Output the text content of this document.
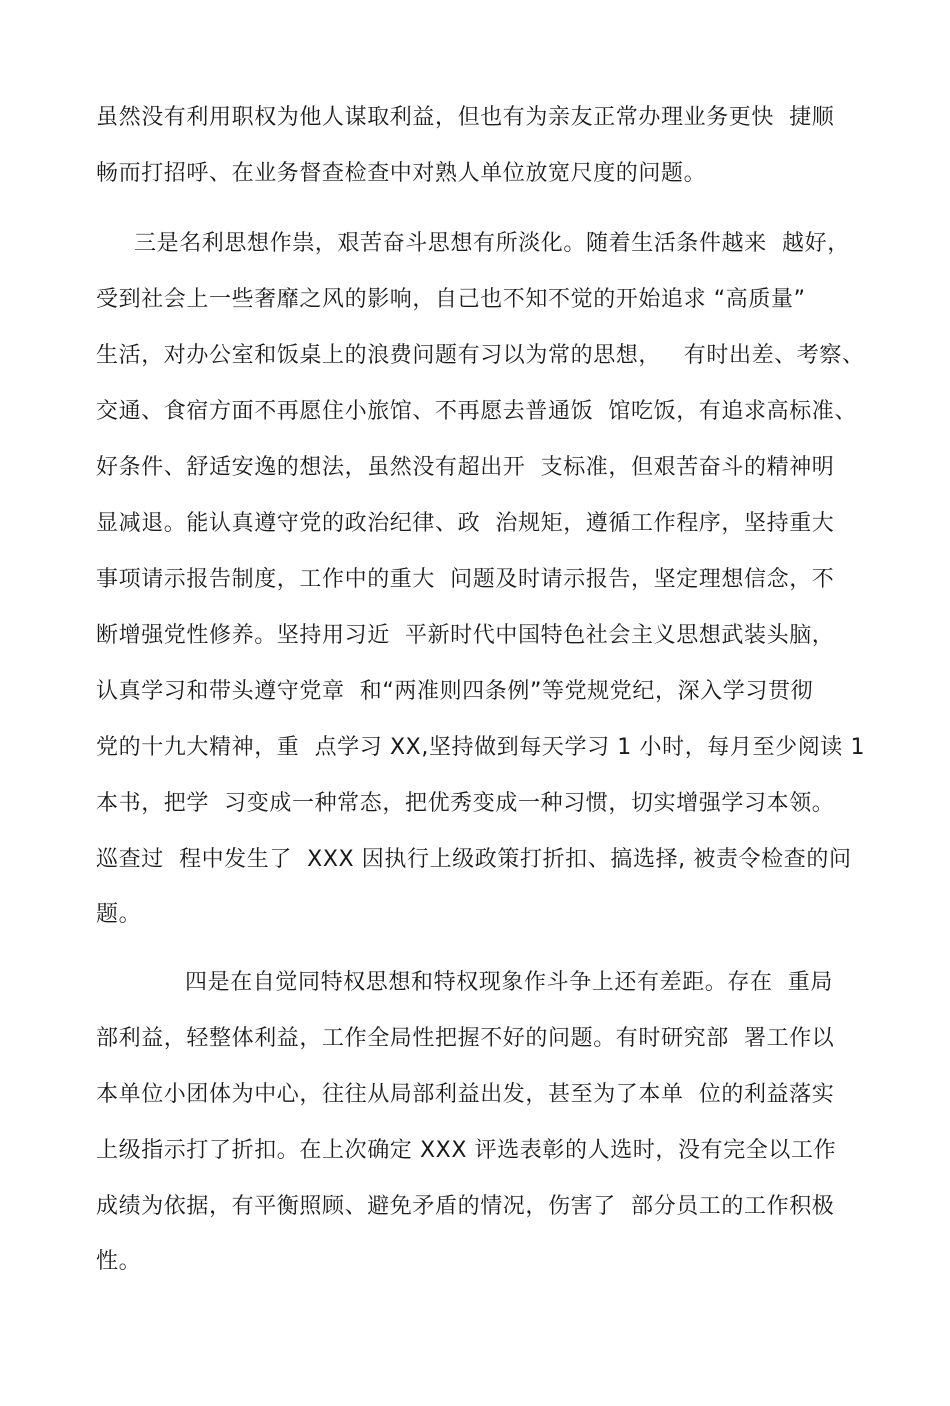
虽然没有利用职权为他人谋取利益，但也有为亲友正常办理业务更快  捷顺

畅而打招呼、在业务督查检查中对熟人单位放宽尺度的问题。

三是名利思想作祟，艰苦奋斗思想有所淡化。随着生活条件越来  越好，

受到社会上一些奢靡之风的影响，自己也不知不觉的开始追求 “高质量”

生活，对办公室和饭桌上的浪费问题有习以为常的思想，   有时出差、考察、

交通、食宿方面不再愿住小旅馆、不再愿去普通饭  馆吃饭，有追求高标准、

好条件、舒适安逸的想法，虽然没有超出开  支标准，但艰苦奋斗的精神明

显减退。能认真遵守党的政治纪律、政  治规矩，遵循工作程序，坚持重大

事项请示报告制度，工作中的重大  问题及时请示报告，坚定理想信念，不

断增强党性修养。坚持用习近  平新时代中国特色社会主义思想武装头脑，

认真学习和带头遵守党章  和“两准则四条例”等党规党纪，深入学习贯彻

党的十九大精神，重  点学习 XX,坚持做到每天学习 1 小时，每月至少阅读 1

本书，把学  习变成一种常态，把优秀变成一种习惯，切实增强学习本领。

巡查过  程中发生了  XXX 因执行上级政策打折扣、搞选择, 被责令检查的问

题。

四是在自觉同特权思想和特权现象作斗争上还有差距。存在  重局

部利益，轻整体利益，工作全局性把握不好的问题。有时研究部  署工作以

本单位小团体为中心，往往从局部利益出发，甚至为了本单  位的利益落实

上级指示打了折扣。在上次确定 XXX 评选表彰的人选时，没有完全以工作

成绩为依据，有平衡照顾、避免矛盾的情况，伤害了  部分员工的工作积极

性。
